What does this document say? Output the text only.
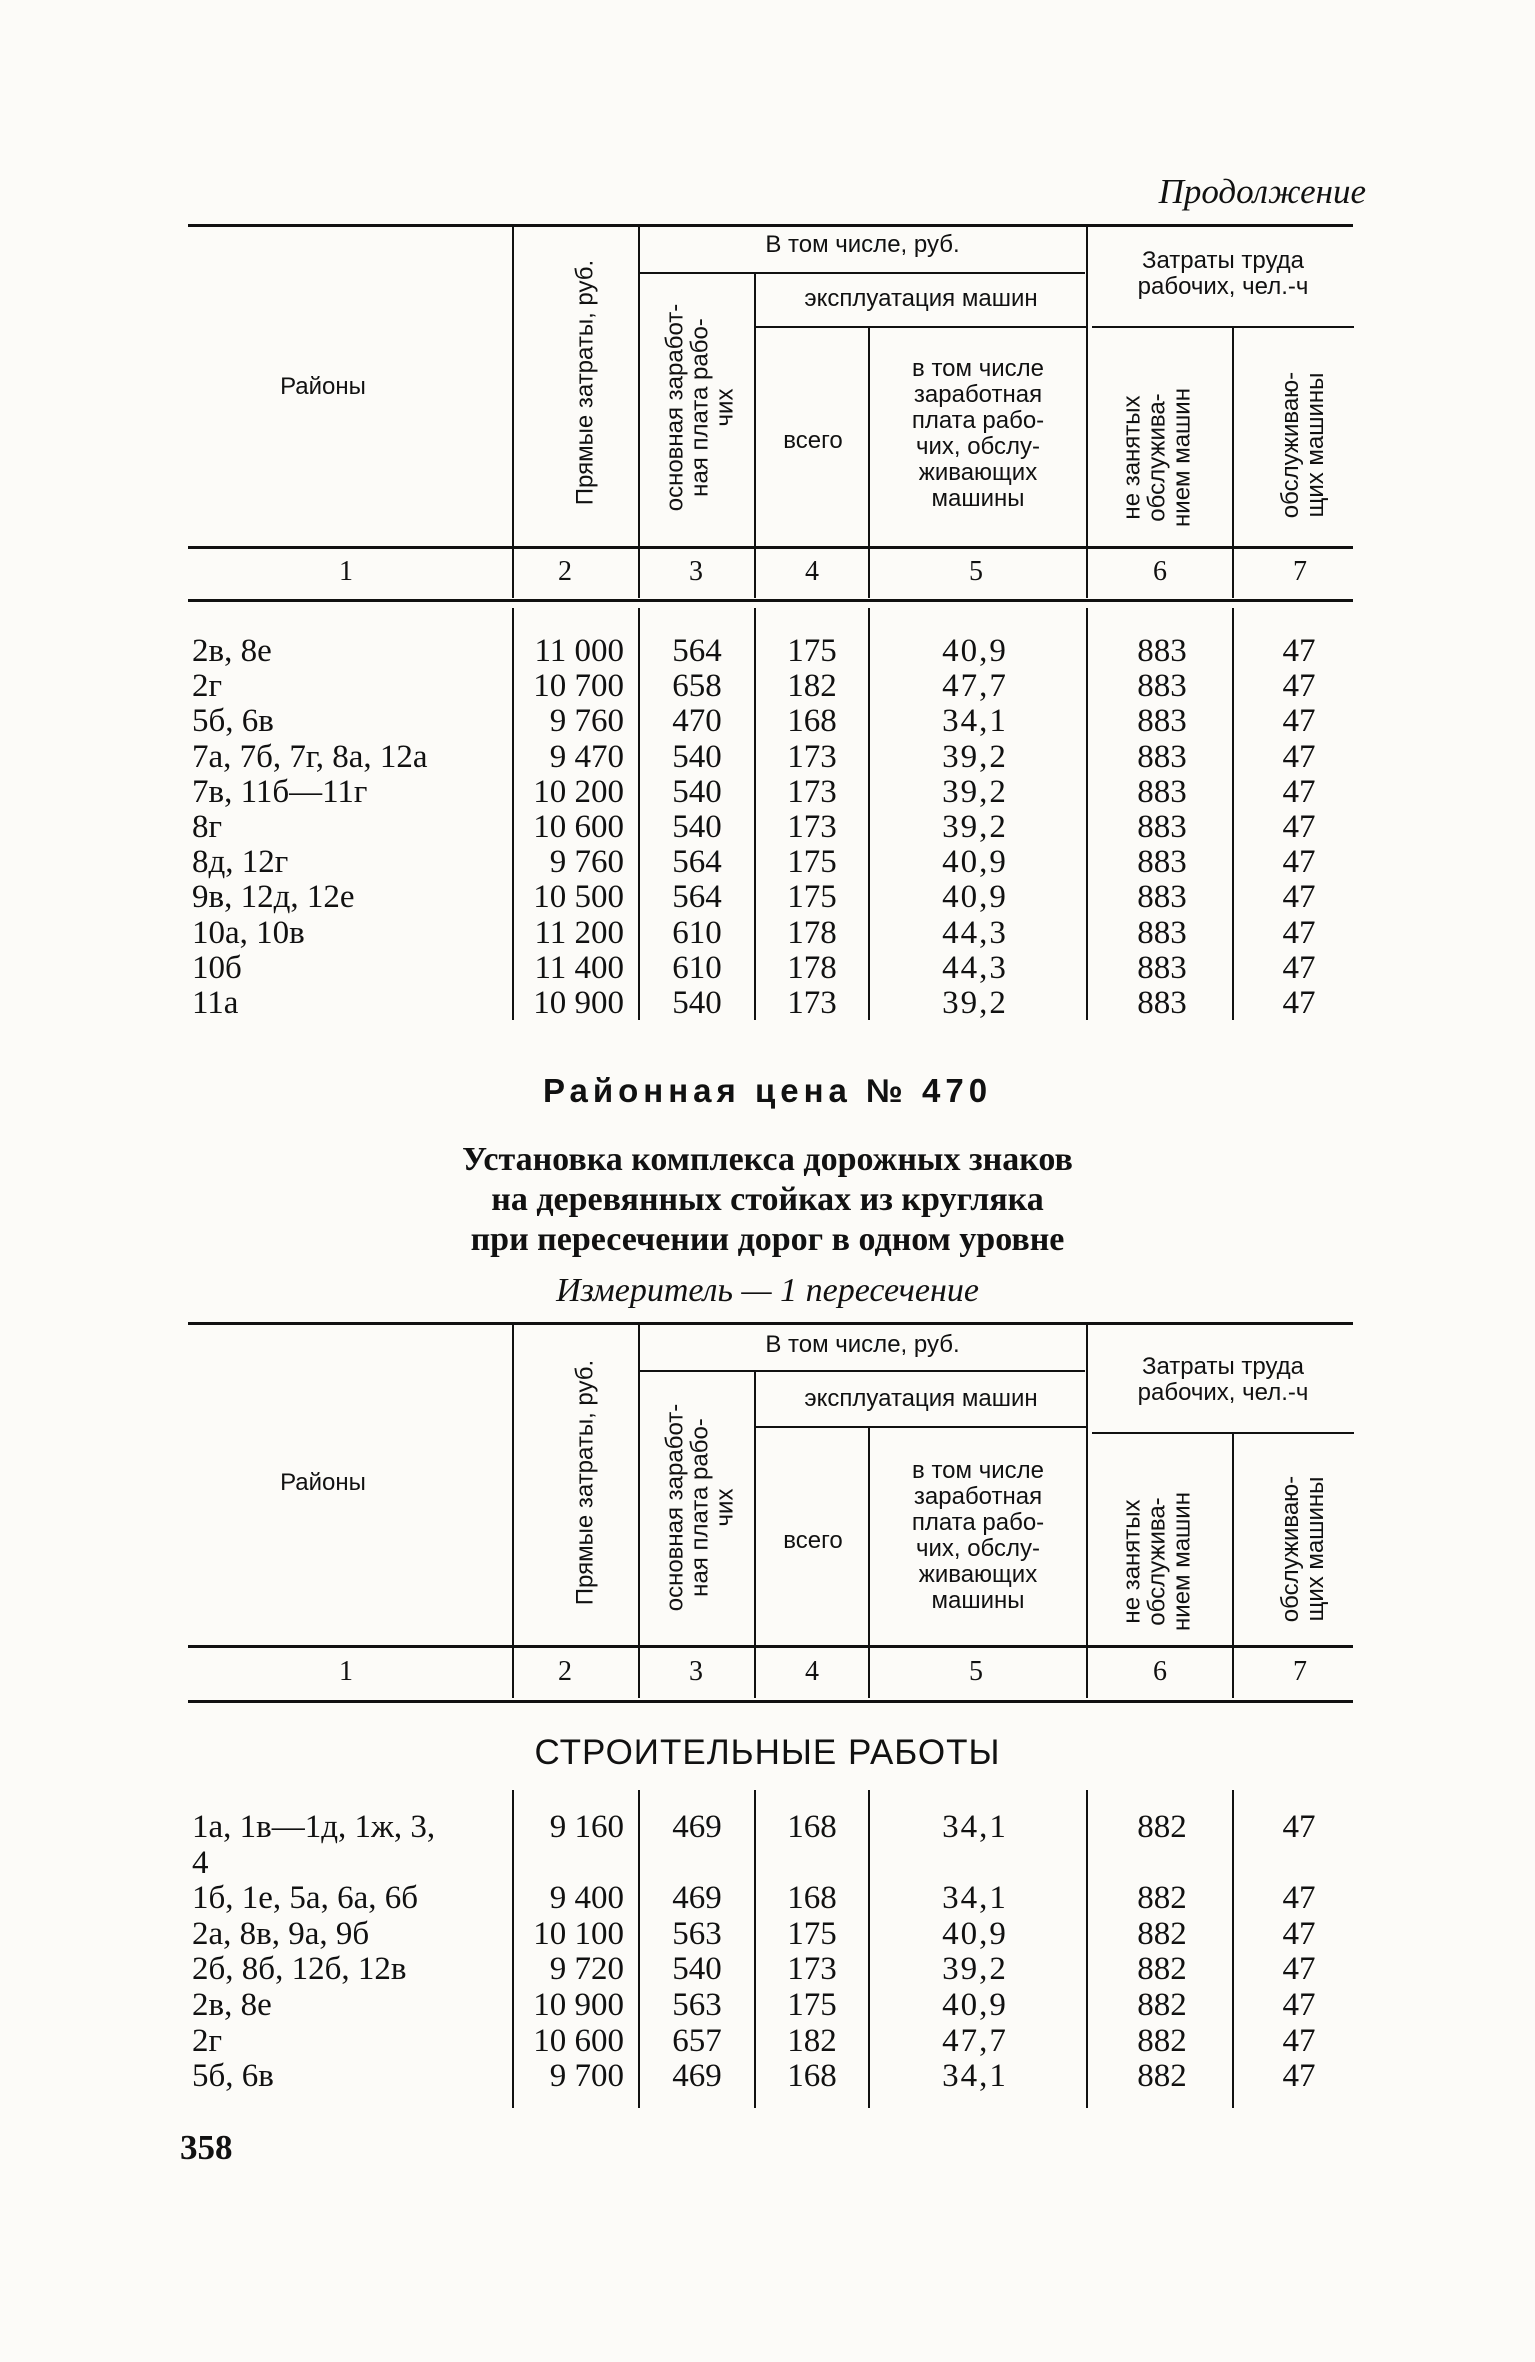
Продолжение
Районы	Прямые затраты, руб.
В том числе, руб.
основная заработ-
ная плата рабо-
чих
эксплуатация машин
всего
в том числе
заработная
плата рабо-
чих, обслу-
живающих
машины
Затраты труда
рабочих, чел.-ч
не занятых
обслужива-
нием машин	обслуживаю-
щих машины
1	2	3	4	5	6	7
2в, 8е	11 000	564	175	40,9	883	47
2г	10 700	658	182	47,7	883	47
5б, 6в	9 760	470	168	34,1	883	47
7а, 7б, 7г, 8а, 12а	9 470	540	173	39,2	883	47
7в, 11б—11г	10 200	540	173	39,2	883	47
8г	10 600	540	173	39,2	883	47
8д, 12г	9 760	564	175	40,9	883	47
9в, 12д, 12е	10 500	564	175	40,9	883	47
10а, 10в	11 200	610	178	44,3	883	47
10б	11 400	610	178	44,3	883	47
11а	10 900	540	173	39,2	883	47
Районная цена № 470
Установка комплекса дорожных знаков
на деревянных стойках из кругляка
при пересечении дорог в одном уровне
Измеритель — 1 пересечение
Районы	Прямые затраты, руб.
В том числе, руб.
основная заработ-
ная плата рабо-
чих
эксплуатация машин
всего
в том числе
заработная
плата рабо-
чих, обслу-
живающих
машины
Затраты труда
рабочих, чел.-ч
не занятых
обслужива-
нием машин	обслуживаю-
щих машины
1	2	3	4	5	6	7
СТРОИТЕЛЬНЫЕ РАБОТЫ
1а, 1в—1д, 1ж, 3,	9 160	469	168	34,1	882	47
4
1б, 1е, 5а, 6а, 6б	9 400	469	168	34,1	882	47
2а, 8в, 9а, 9б	10 100	563	175	40,9	882	47
2б, 8б, 12б, 12в	9 720	540	173	39,2	882	47
2в, 8е	10 900	563	175	40,9	882	47
2г	10 600	657	182	47,7	882	47
5б, 6в	9 700	469	168	34,1	882	47
358
